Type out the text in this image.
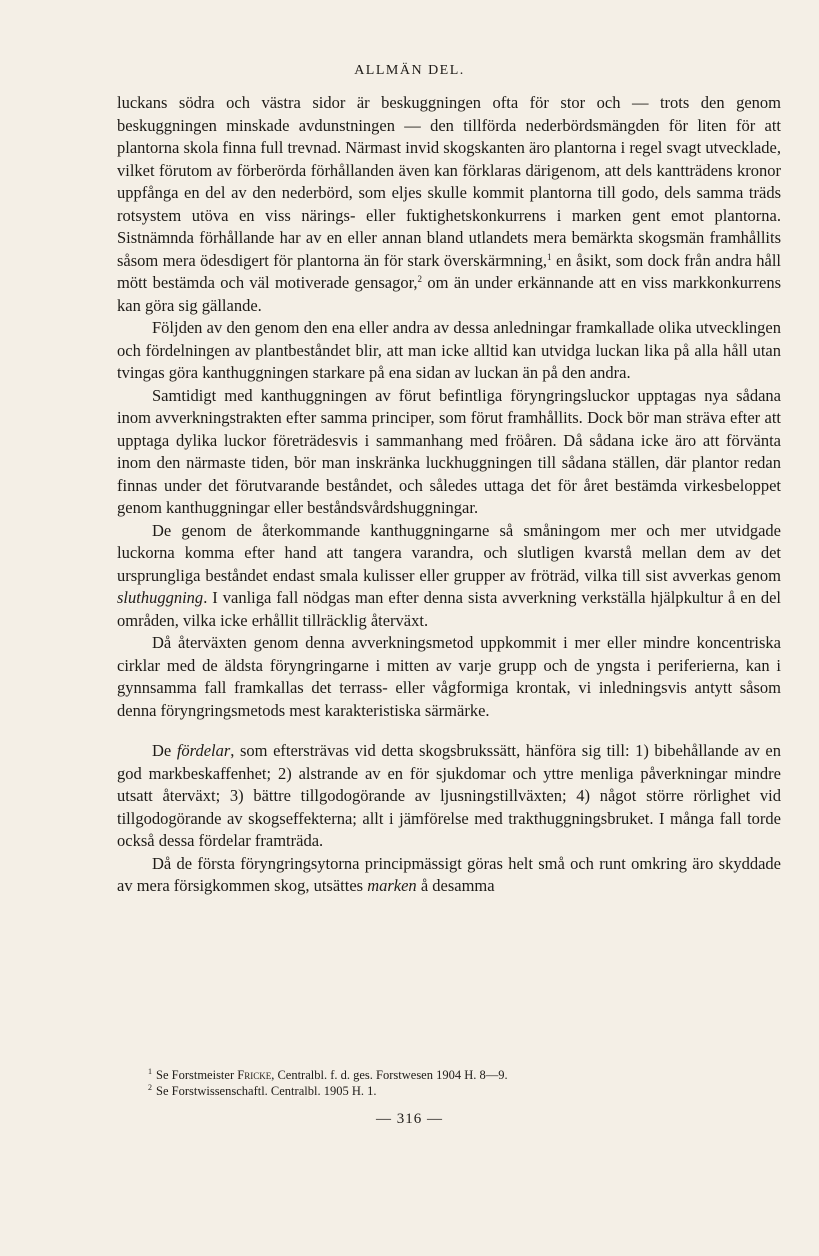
ALLMÄN DEL.

luckans södra och västra sidor är beskuggningen ofta för stor och — trots den genom beskuggningen minskade avdunstningen — den tillförda nederbördsmängden för liten för att plantorna skola finna full trevnad. Närmast invid skogskanten äro plantorna i regel svagt utvecklade, vilket förutom av förberörda förhållanden även kan förklaras därigenom, att dels kantträdens kronor uppfånga en del av den nederbörd, som eljes skulle kommit plantorna till godo, dels samma träds rotsystem utöva en viss närings- eller fuktighetskonkurrens i marken gent emot plantorna. Sistnämnda förhållande har av en eller annan bland utlandets mera bemärkta skogsmän framhållits såsom mera ödesdigert för plantorna än för stark överskärmning,$^1$ en åsikt, som dock från andra håll mött bestämda och väl motiverade gensagor,$^2$ om än under erkännande att en viss markkonkurrens kan göra sig gällande.

Följden av den genom den ena eller andra av dessa anledningar framkallade olika utvecklingen och fördelningen av plantbeståndet blir, att man icke alltid kan utvidga luckan lika på alla håll utan tvingas göra kanthuggningen starkare på ena sidan av luckan än på den andra.

Samtidigt med kanthuggningen av förut befintliga föryngringsluckor upptagas nya sådana inom avverkningstrakten efter samma principer, som förut framhållits. Dock bör man sträva efter att upptaga dylika luckor företrädesvis i sammanhang med fröåren. Då sådana icke äro att förvänta inom den närmaste tiden, bör man inskränka luckhuggningen till sådana ställen, där plantor redan finnas under det förutvarande beståndet, och således uttaga det för året bestämda virkesbeloppet genom kanthuggningar eller beståndsvårdshuggningar.

De genom de återkommande kanthuggningarne så småningom mer och mer utvidgade luckorna komma efter hand att tangera varandra, och slutligen kvarstå mellan dem av det ursprungliga beståndet endast smala kulisser eller grupper av fröträd, vilka till sist avverkas genom sluthuggning. I vanliga fall nödgas man efter denna sista avverkning verkställa hjälpkultur å en del områden, vilka icke erhållit tillräcklig återväxt.

Då återväxten genom denna avverkningsmetod uppkommit i mer eller mindre koncentriska cirklar med de äldsta föryngringarne i mitten av varje grupp och de yngsta i periferierna, kan i gynnsamma fall framkallas det terrass- eller vågformiga krontak, vi inledningsvis antytt såsom denna föryngringsmetods mest karakteristiska särmärke.

De fördelar, som eftersträvas vid detta skogsbrukssätt, hänföra sig till: 1) bibehållande av en god markbeskaffenhet; 2) alstrande av en för sjukdomar och yttre menliga påverkningar mindre utsatt återväxt; 3) bättre tillgodogörande av ljusningstillväxten; 4) något större rörlighet vid tillgodogörande av skogseffekterna; allt i jämförelse med trakthuggningsbruket. I många fall torde också dessa fördelar framträda.

Då de första föryngringsytorna principmässigt göras helt små och runt omkring äro skyddade av mera försigkommen skog, utsättes marken å desamma

$^1$ Se Forstmeister Fricke, Centralbl. f. d. ges. Forstwesen 1904 H. 8—9.

$^2$ Se Forstwissenschaftl. Centralbl. 1905 H. 1.

— 316 —
